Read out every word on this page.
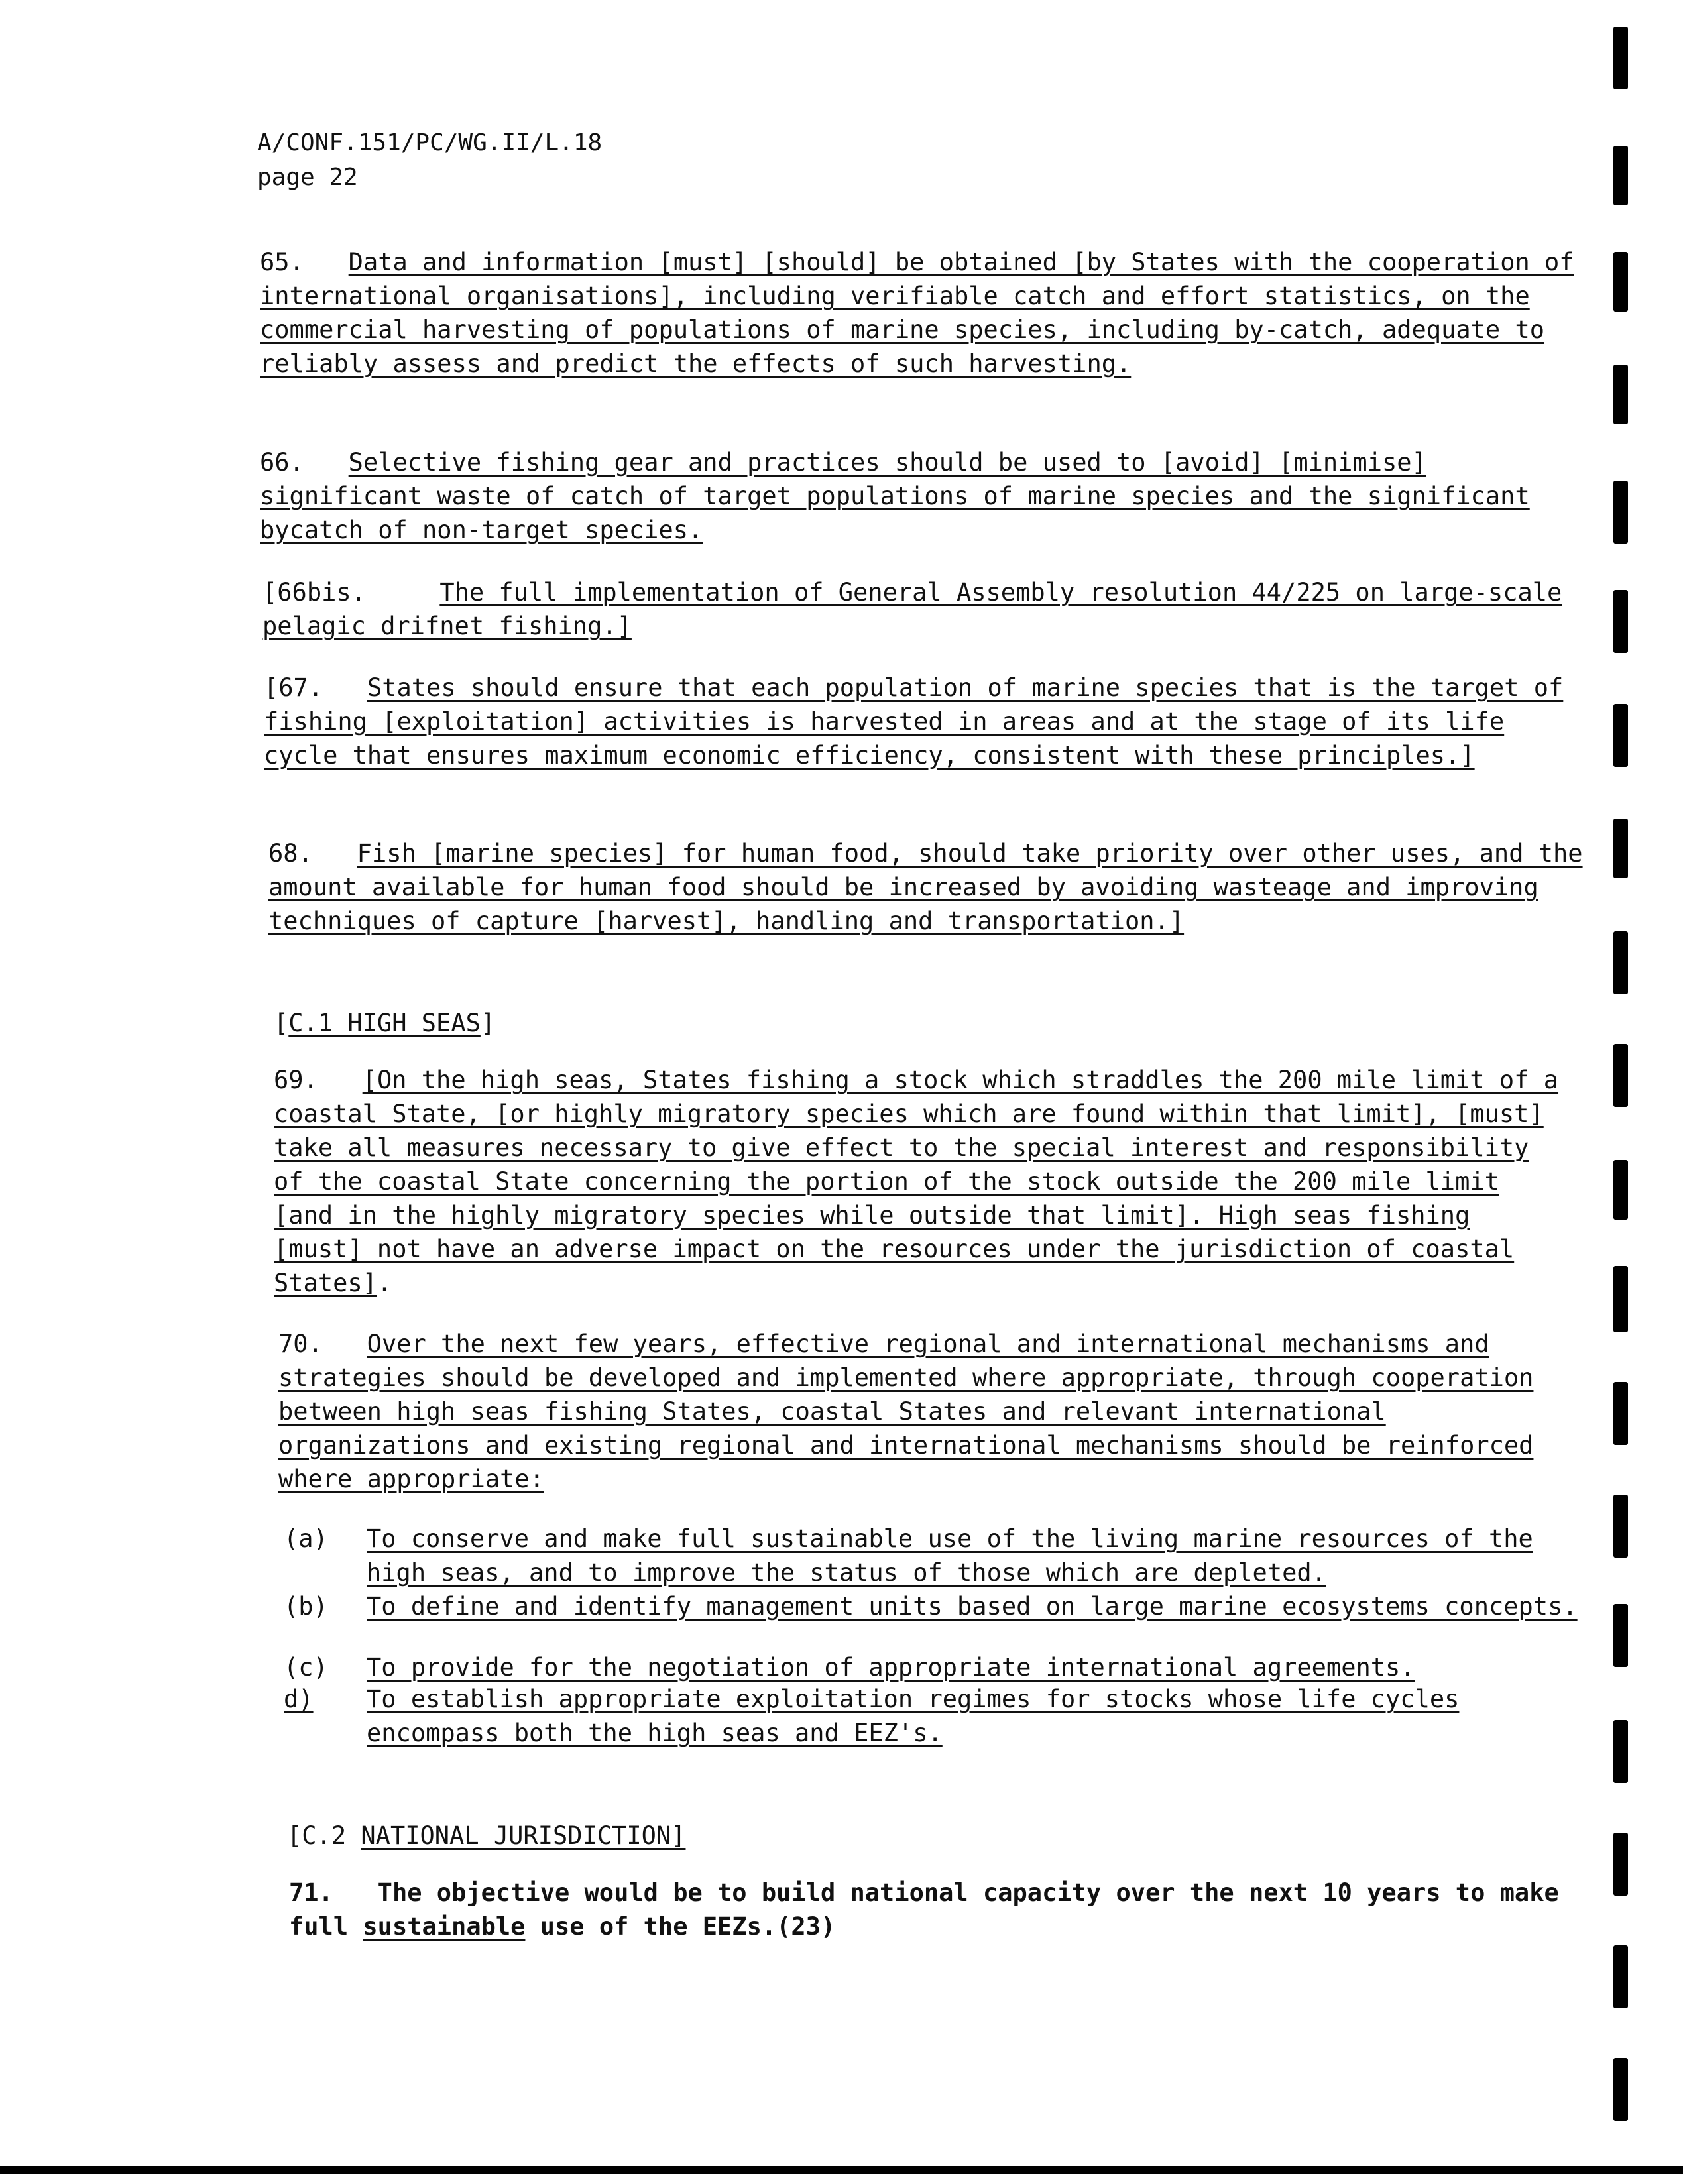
A/CONF.151/PC/WG.II/L.18
page 22
65. Data and information [must] [should] be obtained [by States with the cooperation of international organisations], including verifiable catch and effort statistics, on the commercial harvesting of populations of marine species, including by-catch, adequate to reliably assess and predict the effects of such harvesting.
66. Selective fishing gear and practices should be used to [avoid] [minimise] significant waste of catch of target populations of marine species and the significant bycatch of non-target species.
[66bis.	The full implementation of General Assembly resolution 44/225 on large-scale pelagic drifnet fishing.]
[67. States should ensure that each population of marine species that is the target of fishing [exploitation] activities is harvested in areas and at the stage of its life cycle that ensures maximum economic efficiency, consistent with these principles.]
68. Fish [marine species] for human food, should take priority over other uses, and the amount available for human food should be increased by avoiding wasteage and improving techniques of capture [harvest], handling and transportation.]
[C.1 HIGH SEAS]
69. [On the high seas, States fishing a stock which straddles the 200 mile limit of a coastal State, [or highly migratory species which are found within that limit], [must] take all measures necessary to give effect to the special interest and responsibility of the coastal State concerning the portion of the stock outside the 200 mile limit [and in the highly migratory species while outside that limit]. High seas fishing [must] not have an adverse impact on the resources under the jurisdiction of coastal States].
70. Over the next few years, effective regional and international mechanisms and strategies should be developed and implemented where appropriate, through cooperation between high seas fishing States, coastal States and relevant international organizations and existing regional and international mechanisms should be reinforced where appropriate:
(a) To conserve and make full sustainable use of the living marine resources of the high seas, and to improve the status of those which are depleted.
(b) To define and identify management units based on large marine ecosystems concepts.
(c) To provide for the negotiation of appropriate international agreements.
d) To establish appropriate exploitation regimes for stocks whose life cycles encompass both the high seas and EEZ's.
[C.2 NATIONAL JURISDICTION]
71. The objective would be to build national capacity over the next 10 years to make full sustainable use of the EEZs.(23)
